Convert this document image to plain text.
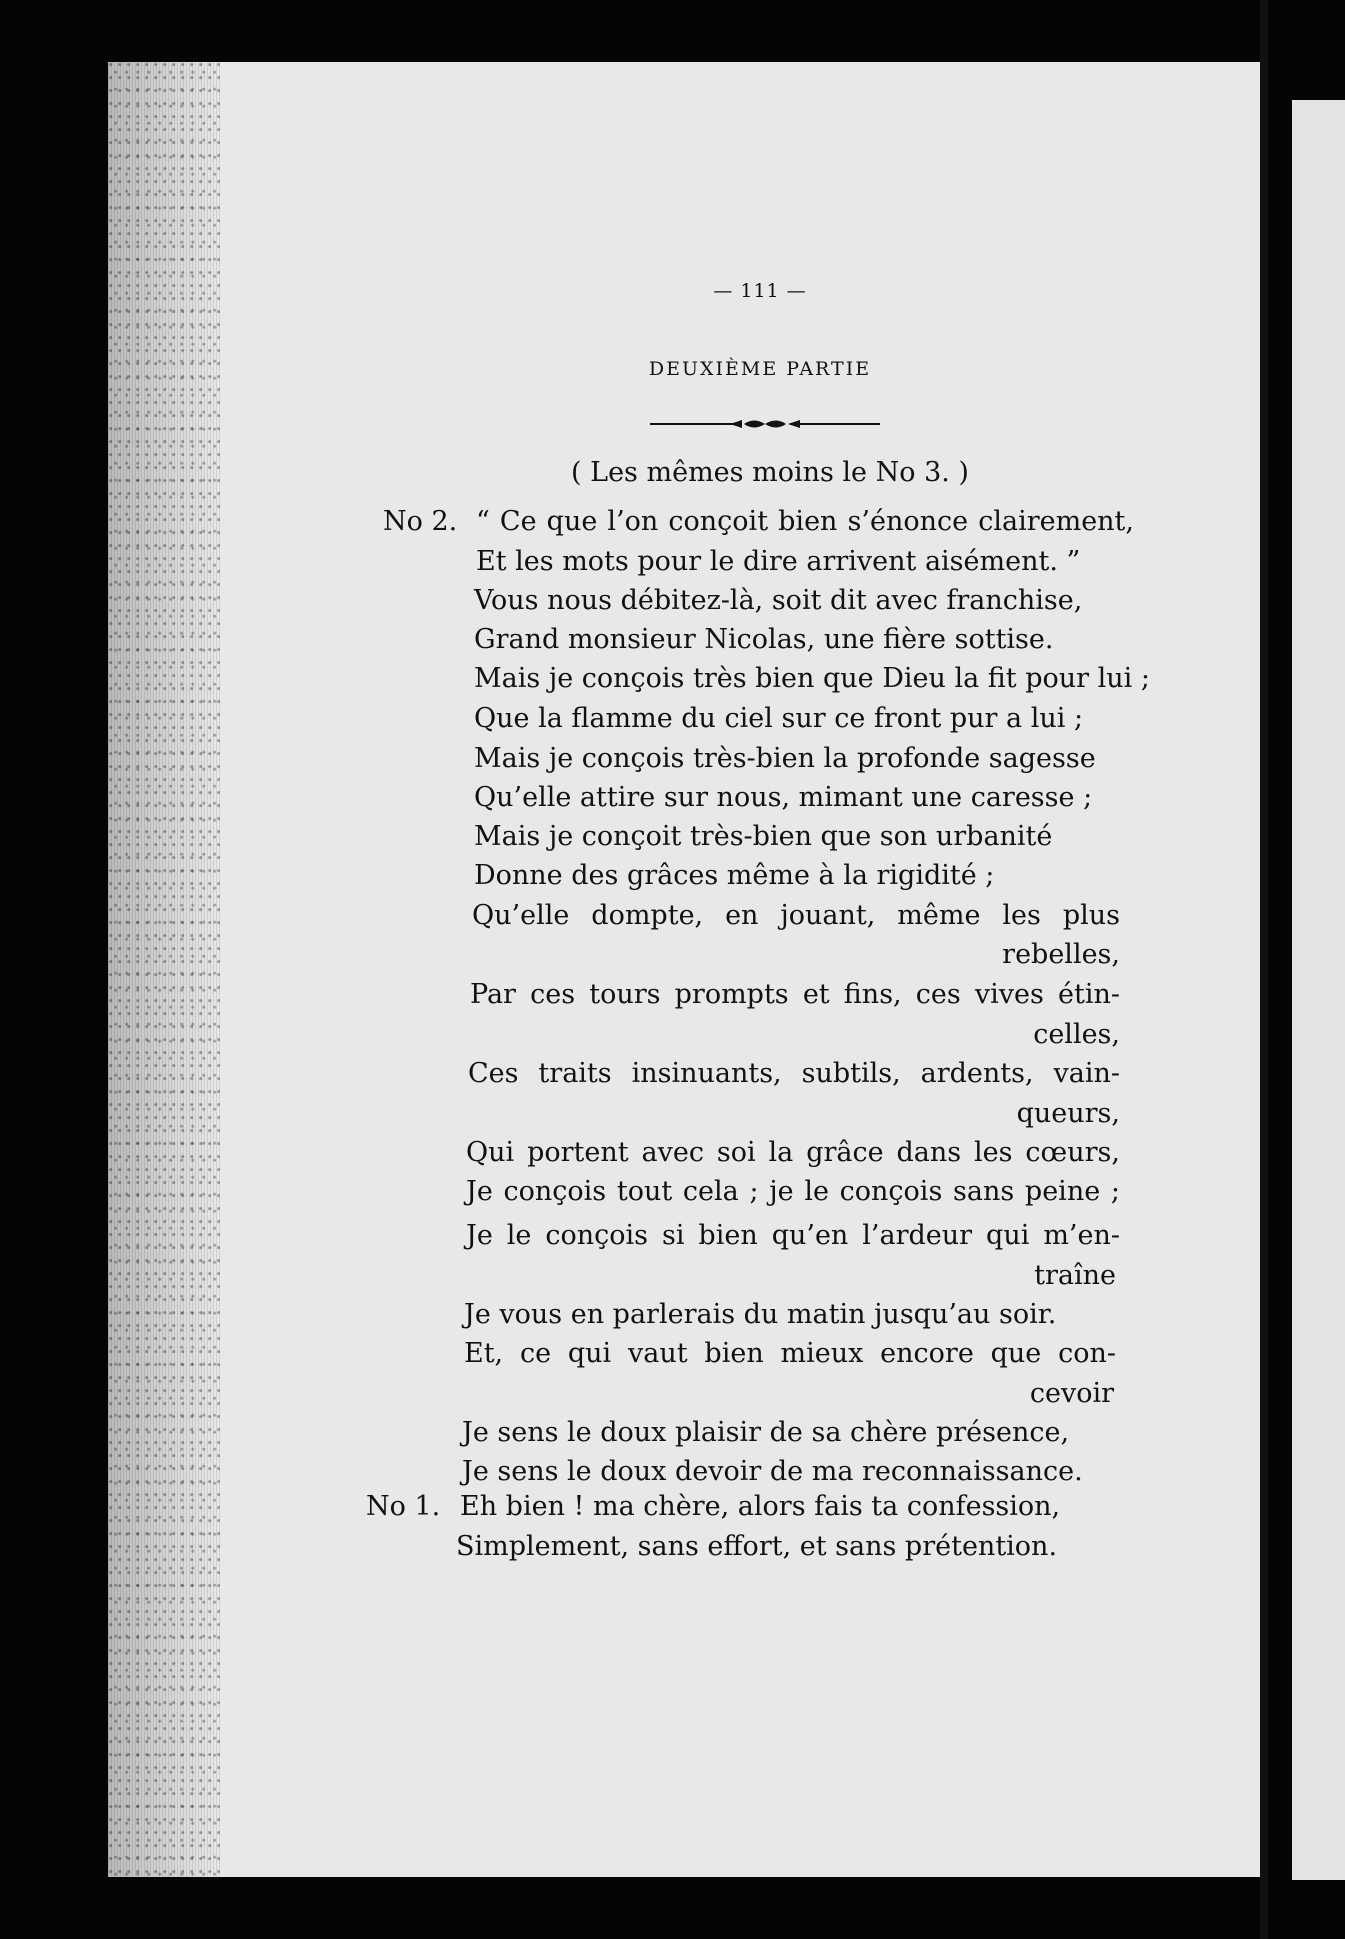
— 111 —
DEUXIÈME PARTIE
( Les mêmes moins le No 3. )
No 2.
No 1.
“ Ce que l’on conçoit bien s’énonce clairement,
Et les mots pour le dire arrivent aisément. ”
Vous nous débitez-là, soit dit avec franchise,
Grand monsieur Nicolas, une fière sottise.
Mais je conçois très bien que Dieu la fit pour lui ;
Que la flamme du ciel sur ce front pur a lui ;
Mais je conçois très-bien la profonde sagesse
Qu’elle attire sur nous, mimant une caresse ;
Mais je conçoit très-bien que son urbanité
Donne des grâces même à la rigidité ;
Qu’elle dompte, en jouant, même les plus
rebelles,
Par ces tours prompts et fins, ces vives étin-
celles,
Ces traits insinuants, subtils, ardents, vain-
queurs,
Qui portent avec soi la grâce dans les cœurs,
Je conçois tout cela ; je le conçois sans peine ;
Je le conçois si bien qu’en l’ardeur qui m’en-
traîne
Je vous en parlerais du matin jusqu’au soir.
Et, ce qui vaut bien mieux encore que con-
cevoir
Je sens le doux plaisir de sa chère présence,
Je sens le doux devoir de ma reconnaissance.
Eh bien ! ma chère, alors fais ta confession,
Simplement, sans effort, et sans prétention.
